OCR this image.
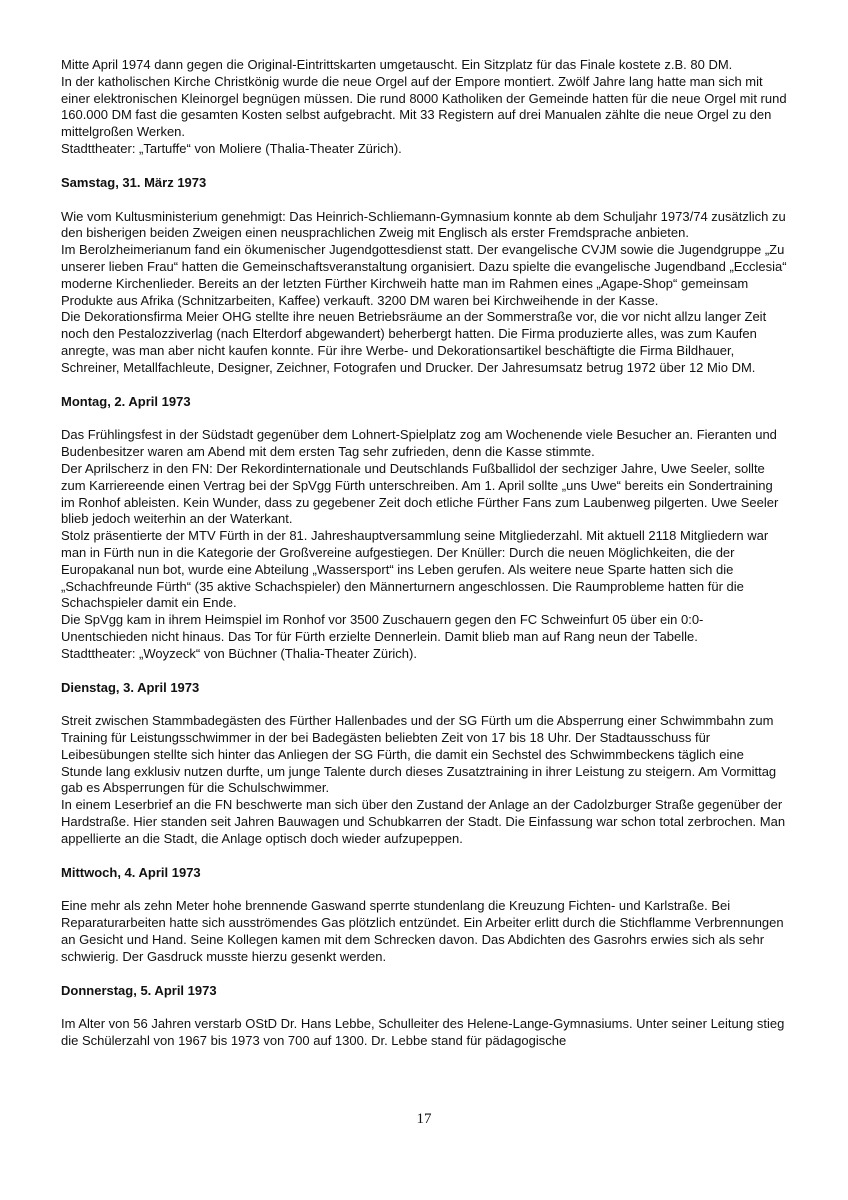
Mitte April 1974 dann gegen die Original-Eintrittskarten umgetauscht. Ein Sitzplatz für das Finale kostete z.B. 80 DM.

In der katholischen Kirche Christkönig wurde die neue Orgel auf der Empore montiert. Zwölf Jahre lang hatte man sich mit einer elektronischen Kleinorgel begnügen müssen. Die rund 8000 Katholiken der Gemeinde hatten für die neue Orgel mit rund 160.000 DM fast die gesamten Kosten selbst aufgebracht. Mit 33 Registern auf drei Manualen zählte die neue Orgel zu den mittelgroßen Werken.

Stadttheater: „Tartuffe“ von Moliere (Thalia-Theater Zürich).

Samstag, 31. März 1973

Wie vom Kultusministerium genehmigt: Das Heinrich-Schliemann-Gymnasium konnte ab dem Schuljahr 1973/74 zusätzlich zu den bisherigen beiden Zweigen einen neusprachlichen Zweig mit Englisch als erster Fremdsprache anbieten.

Im Berolzheimerianum fand ein ökumenischer Jugendgottesdienst statt. Der evangelische CVJM sowie die Jugendgruppe „Zu unserer lieben Frau“ hatten die Gemeinschaftsveranstaltung organisiert. Dazu spielte die evangelische Jugendband „Ecclesia“ moderne Kirchenlieder. Bereits an der letzten Fürther Kirchweih hatte man im Rahmen eines „Agape-Shop“ gemeinsam Produkte aus Afrika (Schnitzarbeiten, Kaffee) verkauft. 3200 DM waren bei Kirchweihende in der Kasse.

Die Dekorationsfirma Meier OHG stellte ihre neuen Betriebsräume an der Sommerstraße vor, die vor nicht allzu langer Zeit noch den Pestalozziverlag (nach Elterdorf abgewandert) beherbergt hatten. Die Firma produzierte alles, was zum Kaufen anregte, was man aber nicht kaufen konnte. Für ihre Werbe- und Dekorationsartikel beschäftigte die Firma Bildhauer, Schreiner, Metallfachleute, Designer, Zeichner, Fotografen und Drucker. Der Jahresumsatz betrug 1972 über 12 Mio DM.

Montag, 2. April 1973

Das Frühlingsfest in der Südstadt gegenüber dem Lohnert-Spielplatz zog am Wochenende viele Besucher an. Fieranten und Budenbesitzer waren am Abend mit dem ersten Tag sehr zufrieden, denn die Kasse stimmte.

Der Aprilscherz in den FN: Der Rekordinternationale und Deutschlands Fußballidol der sechziger Jahre, Uwe Seeler, sollte zum Karriereende einen Vertrag bei der SpVgg Fürth unterschreiben. Am 1. April sollte „uns Uwe“ bereits ein Sondertraining im Ronhof ableisten. Kein Wunder, dass zu gegebener Zeit doch etliche Fürther Fans zum Laubenweg pilgerten. Uwe Seeler blieb jedoch weiterhin an der Waterkant.

Stolz präsentierte der MTV Fürth in der 81. Jahreshauptversammlung seine Mitgliederzahl. Mit aktuell 2118 Mitgliedern war man in Fürth nun in die Kategorie der Großvereine aufgestiegen. Der Knüller: Durch die neuen Möglichkeiten, die der Europakanal nun bot, wurde eine Abteilung „Wassersport“ ins Leben gerufen. Als weitere neue Sparte hatten sich die „Schachfreunde Fürth“ (35 aktive Schachspieler) den Männerturnern angeschlossen. Die Raumprobleme hatten für die Schachspieler damit ein Ende.

Die SpVgg kam in ihrem Heimspiel im Ronhof vor 3500 Zuschauern gegen den FC Schweinfurt 05 über ein 0:0-Unentschieden nicht hinaus. Das Tor für Fürth erzielte Dennerlein. Damit blieb man auf Rang neun der Tabelle.

Stadttheater: „Woyzeck“ von Büchner (Thalia-Theater Zürich).

Dienstag, 3. April 1973

Streit zwischen Stammbadegästen des Fürther Hallenbades und der SG Fürth um die Absperrung einer Schwimmbahn zum Training für Leistungsschwimmer in der bei Badegästen beliebten Zeit von 17 bis 18 Uhr. Der Stadtausschuss für Leibesübungen stellte sich hinter das Anliegen der SG Fürth, die damit ein Sechstel des Schwimmbeckens täglich eine Stunde lang exklusiv nutzen durfte, um junge Talente durch dieses Zusatztraining in ihrer Leistung zu steigern. Am Vormittag gab es Absperrungen für die Schulschwimmer.

In einem Leserbrief an die FN beschwerte man sich über den Zustand der Anlage an der Cadolzburger Straße gegenüber der Hardstraße. Hier standen seit Jahren Bauwagen und Schubkarren der Stadt. Die Einfassung war schon total zerbrochen. Man appellierte an die Stadt, die Anlage optisch doch wieder aufzupeppen.

Mittwoch, 4. April 1973

Eine mehr als zehn Meter hohe brennende Gaswand sperrte stundenlang die Kreuzung Fichten- und Karlstraße. Bei Reparaturarbeiten hatte sich ausströmendes Gas plötzlich entzündet. Ein Arbeiter erlitt durch die Stichflamme Verbrennungen an Gesicht und Hand. Seine Kollegen kamen mit dem Schrecken davon. Das Abdichten des Gasrohrs erwies sich als sehr schwierig. Der Gasdruck musste hierzu gesenkt werden.

Donnerstag, 5. April 1973

Im Alter von 56 Jahren verstarb OStD Dr. Hans Lebbe, Schulleiter des Helene-Lange-Gymnasiums. Unter seiner Leitung stieg die Schülerzahl von 1967 bis 1973 von 700 auf 1300. Dr. Lebbe stand für pädagogische

17
